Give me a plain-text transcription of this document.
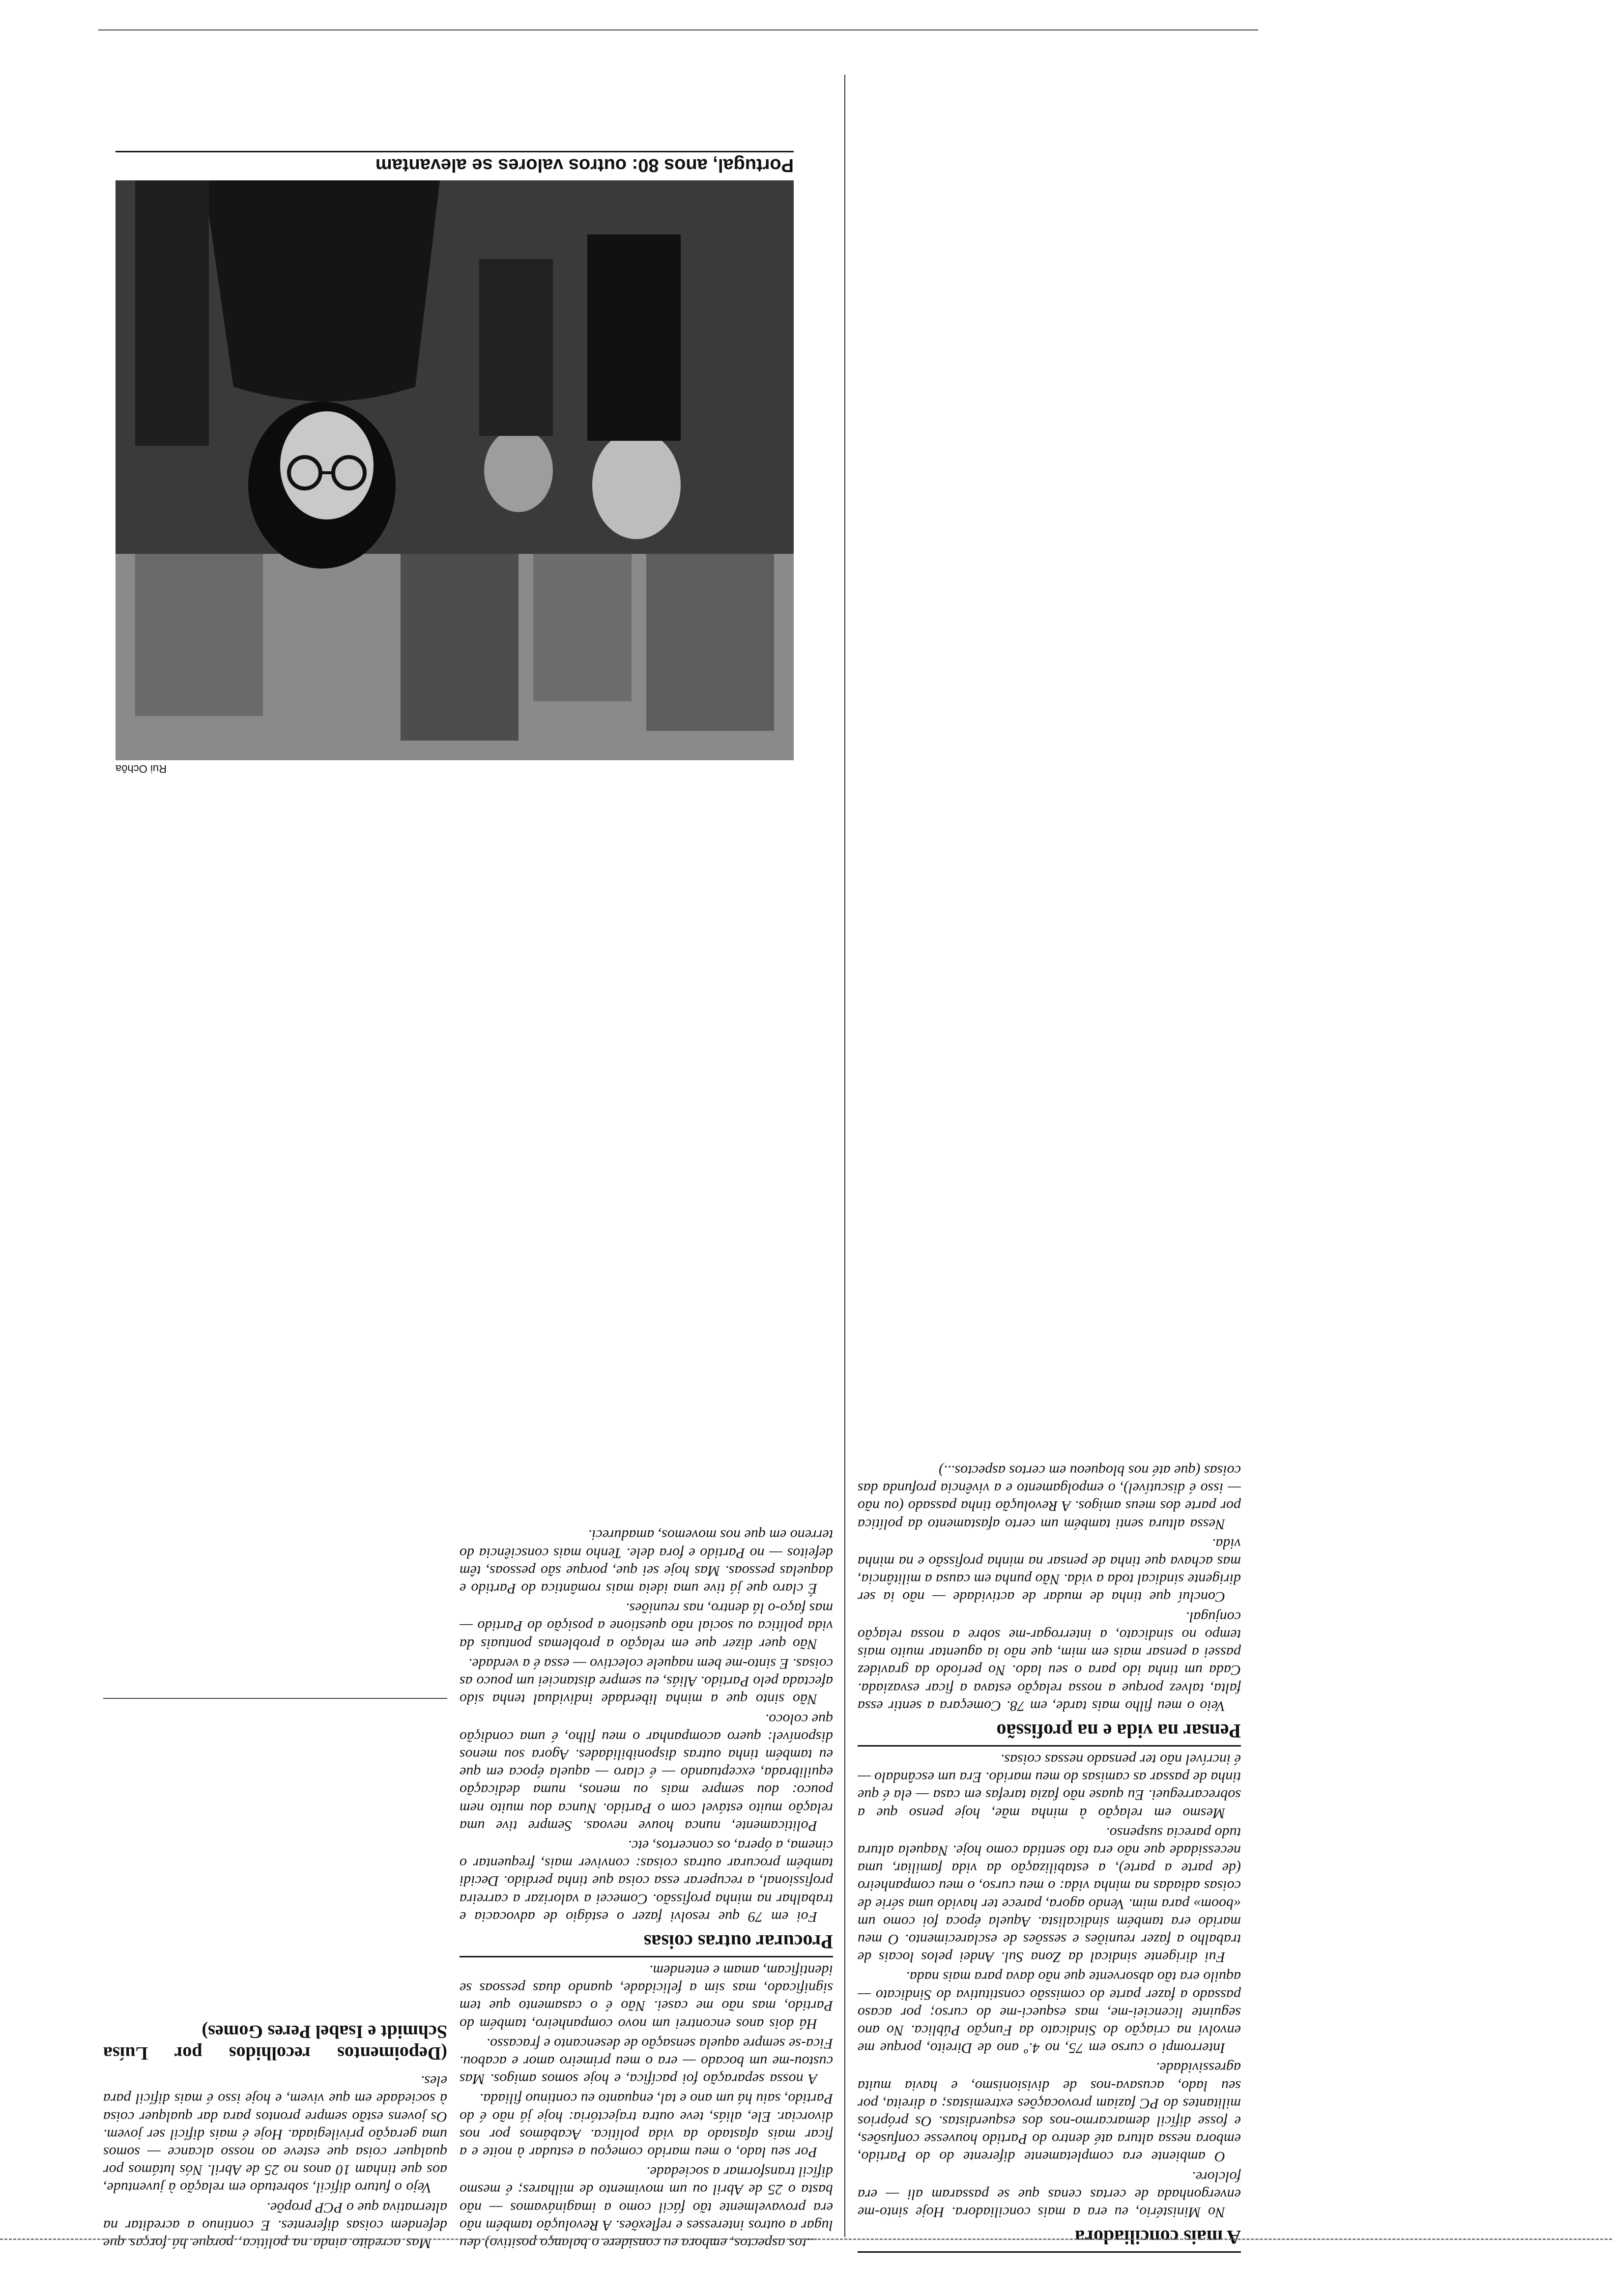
A mais conciliadora

No Ministério, eu era a mais conciliadora. Hoje sinto-me envergonhada de certas cenas que se passaram ali — era folclore.

O ambiente era completamente diferente do do Partido, embora nessa altura até dentro do Partido houvesse confusões, e fosse difícil demarcarmo-nos dos esquerdistas. Os próprios militantes do PC faziam provocações extremistas; a direita, por seu lado, acusava-nos de divisionismo, e havia muita agressividade.

Interrompi o curso em 75, no 4.º ano de Direito, porque me envolvi na criação do Sindicato da Função Pública. No ano seguinte licenciei-me, mas esqueci-me do curso; por acaso passado a fazer parte do comissão constitutiva do Sindicato — aquilo era tão absorvente que não dava para mais nada.

Fui dirigente sindical da Zona Sul. Andei pelos locais de trabalho a fazer reuniões e sessões de esclarecimento. O meu marido era também sindicalista. Aquela época foi como um «boom» para mim. Vendo agora, parece ter havido uma série de coisas adiadas na minha vida: o meu curso, o meu companheiro (de parte a parte), a estabilização da vida familiar, uma necessidade que não era tão sentida como hoje. Naquela altura tudo parecia suspenso.

Mesmo em relação à minha mãe, hoje penso que a sobrecarreguei. Eu quase não fazia tarefas em casa — ela é que tinha de passar as camisas do meu marido. Era um escândalo — é incrível não ter pensado nessas coisas.

Pensar na vida e na profissão

Veio o meu filho mais tarde, em 78. Começara a sentir essa falta, talvez porque a nossa relação estava a ficar esvaziada. Cada um tinha ido para o seu lado. No período da gravidez passei a pensar mais em mim, que não ia aguentar muito mais tempo no sindicato, a interrogar-me sobre a nossa relação conjugal.

Concluí que tinha de mudar de actividade — não ia ser dirigente sindical toda a vida. Não punha em causa a militância, mas achava que tinha de pensar na minha profissão e na minha vida.

Nessa altura senti também um certo afastamento da política por parte dos meus amigos. A Revolução tinha passado (ou não — isso é discutível), o empolgamento e a vivência profunda das coisas (que até nos bloqueou em certos aspectos...)

...tos aspectos, embora eu considere o balanço positivo) deu lugar a outros interesses e reflexões. A Revolução também não era provavelmente tão fácil como a imaginávamos — não basta o 25 de Abril ou um movimento de milhares; é mesmo difícil transformar a sociedade.

Por seu lado, o meu marido começou a estudar à noite e a ficar mais afastado da vida política. Acabámos por nos divorciar. Ele, aliás, teve outra trajectória: hoje já não é do Partido, saiu há um ano e tal, enquanto eu continuo filiada.

A nossa separação foi pacífica, e hoje somos amigos. Mas custou-me um bocado — era o meu primeiro amor e acabou. Fica-se sempre aquela sensação de desencanto e fracasso.

Há dois anos encontrei um novo companheiro, também do Partido, mas não me casei. Não é o casamento que tem significado, mas sim a felicidade, quando duas pessoas se identificam, amam e entendem.

Procurar outras coisas

Foi em 79 que resolvi fazer o estágio de advocacia e trabalhar na minha profissão. Comecei a valorizar a carreira profissional, a recuperar essa coisa que tinha perdido. Decidi também procurar outras coisas: conviver mais, frequentar o cinema, a ópera, os concertos, etc.

Politicamente, nunca houve nevoas. Sempre tive uma relação muito estável com o Partido. Nunca dou muito nem pouco: dou sempre mais ou menos, numa dedicação equilibrada, exceptuando — é claro — aquela época em que eu também tinha outras disponibilidades. Agora sou menos disponível: quero acompanhar o meu filho, é uma condição que coloco.

Não sinto que a minha liberdade individual tenha sido afectada pelo Partido. Aliás, eu sempre distanciei um pouco as coisas. E sinto-me bem naquele colectivo — essa é a verdade.

Não quer dizer que em relação a problemas pontuais da vida política ou social não questione a posição do Partido — mas faço-o lá dentro, nas reuniões.

É claro que já tive uma ideia mais romântica do Partido e daquelas pessoas. Mas hoje sei que, porque são pessoas, têm defeitos — no Partido e fora dele. Tenho mais consciência do terreno em que nos movemos, amadureci.

Mas acredito ainda na política, porque há forças que defendem coisas diferentes. E continuo a acreditar na alternativa que o PCP propõe.

Vejo o futuro difícil, sobretudo em relação à juventude, aos que tinham 10 anos no 25 de Abril. Nós lutámos por qualquer coisa que esteve ao nosso alcance — somos uma geração privilegiada. Hoje é mais difícil ser jovem. Os jovens estão sempre prontos para dar qualquer coisa à sociedade em que vivem, e hoje isso é mais difícil para eles.

(Depoimentos recolhidos por Luísa Schmidt e Isabel Peres Gomes)

Rui Ochôa
Portugal, anos 80: outros valores se alevantam
